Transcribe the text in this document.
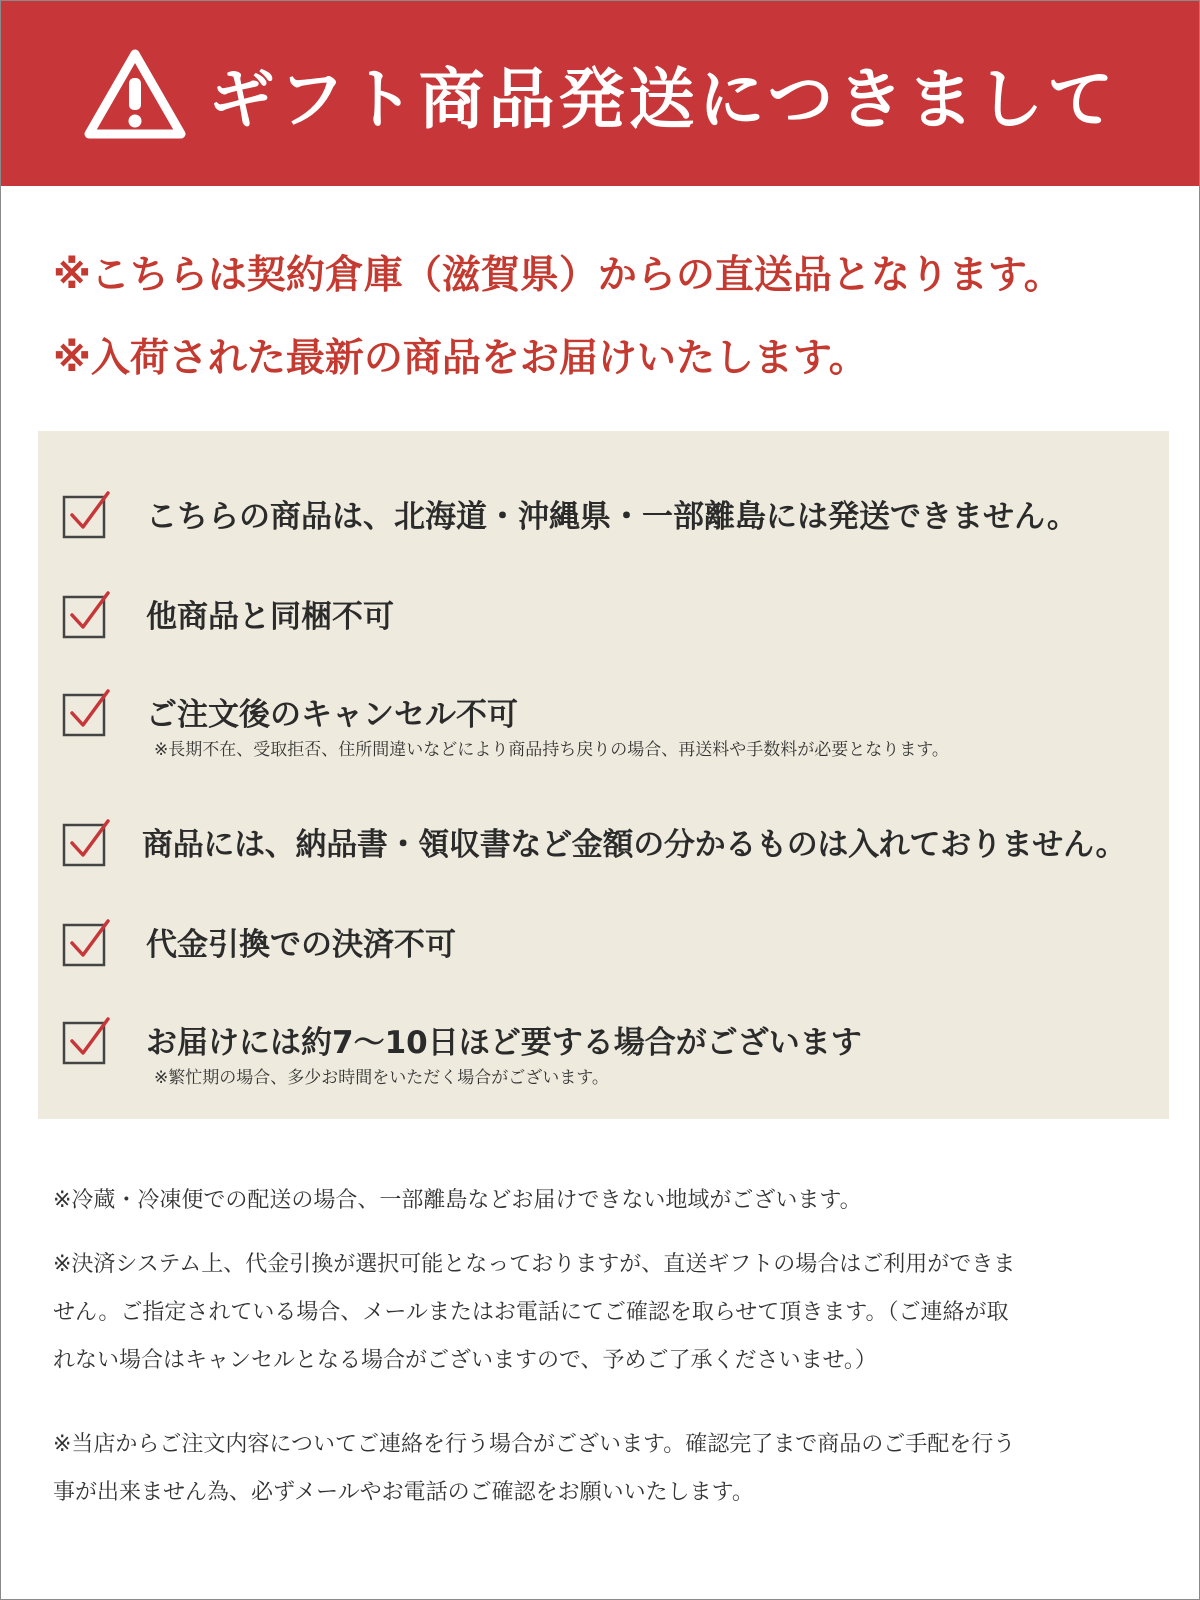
ギフト商品発送につきまして
※こちらは契約倉庫（滋賀県）からの直送品となります。
※入荷された最新の商品をお届けいたします。
こちらの商品は、北海道・沖縄県・一部離島には発送できません。
他商品と同梱不可
ご注文後のキャンセル不可
※長期不在、受取拒否、住所間違いなどにより商品持ち戻りの場合、再送料や手数料が必要となります。
商品には、納品書・領収書など金額の分かるものは入れておりません。
代金引換での決済不可
お届けには約7〜10日ほど要する場合がございます
※繁忙期の場合、多少お時間をいただく場合がございます。
※冷蔵・冷凍便での配送の場合、一部離島などお届けできない地域がございます。
※決済システム上、代金引換が選択可能となっておりますが、直送ギフトの場合はご利用ができま
せん。ご指定されている場合、メールまたはお電話にてご確認を取らせて頂きます。（ご連絡が取
れない場合はキャンセルとなる場合がございますので、予めご了承くださいませ。）
※当店からご注文内容についてご連絡を行う場合がございます。確認完了まで商品のご手配を行う
事が出来ません為、必ずメールやお電話のご確認をお願いいたします。
